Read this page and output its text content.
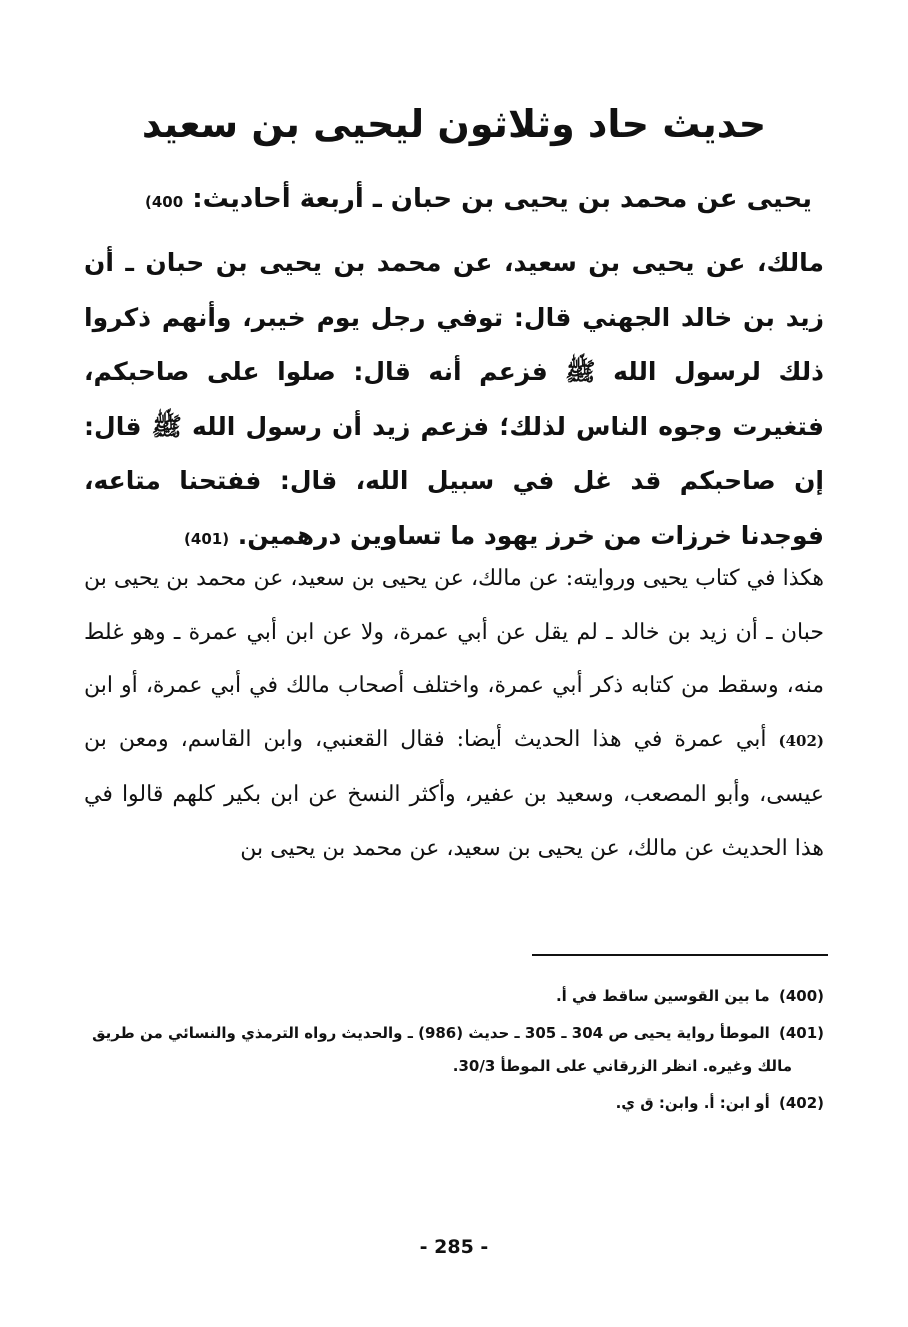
حديث حاد وثلاثون ليحيى بن سعيد

يحيى عن محمد بن يحيى بن حبان ـ أربعة أحاديث: (400

مالك، عن يحيى بن سعيد، عن محمد بن يحيى بن حبان ـ أن زيد بن خالد الجهني قال: توفي رجل يوم خيبر، وأنهم ذكروا ذلك لرسول الله ﷺ فزعم أنه قال: صلوا على صاحبكم، فتغيرت وجوه الناس لذلك؛ فزعم زيد أن رسول الله ﷺ قال: إن صاحبكم قد غل في سبيل الله، قال: ففتحنا متاعه، فوجدنا خرزات من خرز يهود ما تساوين درهمين. (401)

هكذا في كتاب يحيى وروايته: عن مالك، عن يحيى بن سعيد، عن محمد بن يحيى بن حبان ـ أن زيد بن خالد ـ لم يقل عن أبي عمرة، ولا عن ابن أبي عمرة ـ وهو غلط منه، وسقط من كتابه ذكر أبي عمرة، واختلف أصحاب مالك في أبي عمرة، أو ابن(402) أبي عمرة في هذا الحديث أيضا: فقال القعنبي، وابن القاسم، ومعن بن عيسى، وأبو المصعب، وسعيد بن عفير، وأكثر النسخ عن ابن بكير كلهم قالوا في هذا الحديث عن مالك، عن يحيى بن سعيد، عن محمد بن يحيى بن

(400) ما بين القوسين ساقط في أ.

(401) الموطأ رواية يحيى ص 304 ـ 305 ـ حديث (986) ـ والحديث رواه الترمذي والنسائي من طريق
مالك وغيره. انظر الزرقاني على الموطأ 30/3.

(402) أو ابن: أ. وابن: ق ي.

- 285 -
